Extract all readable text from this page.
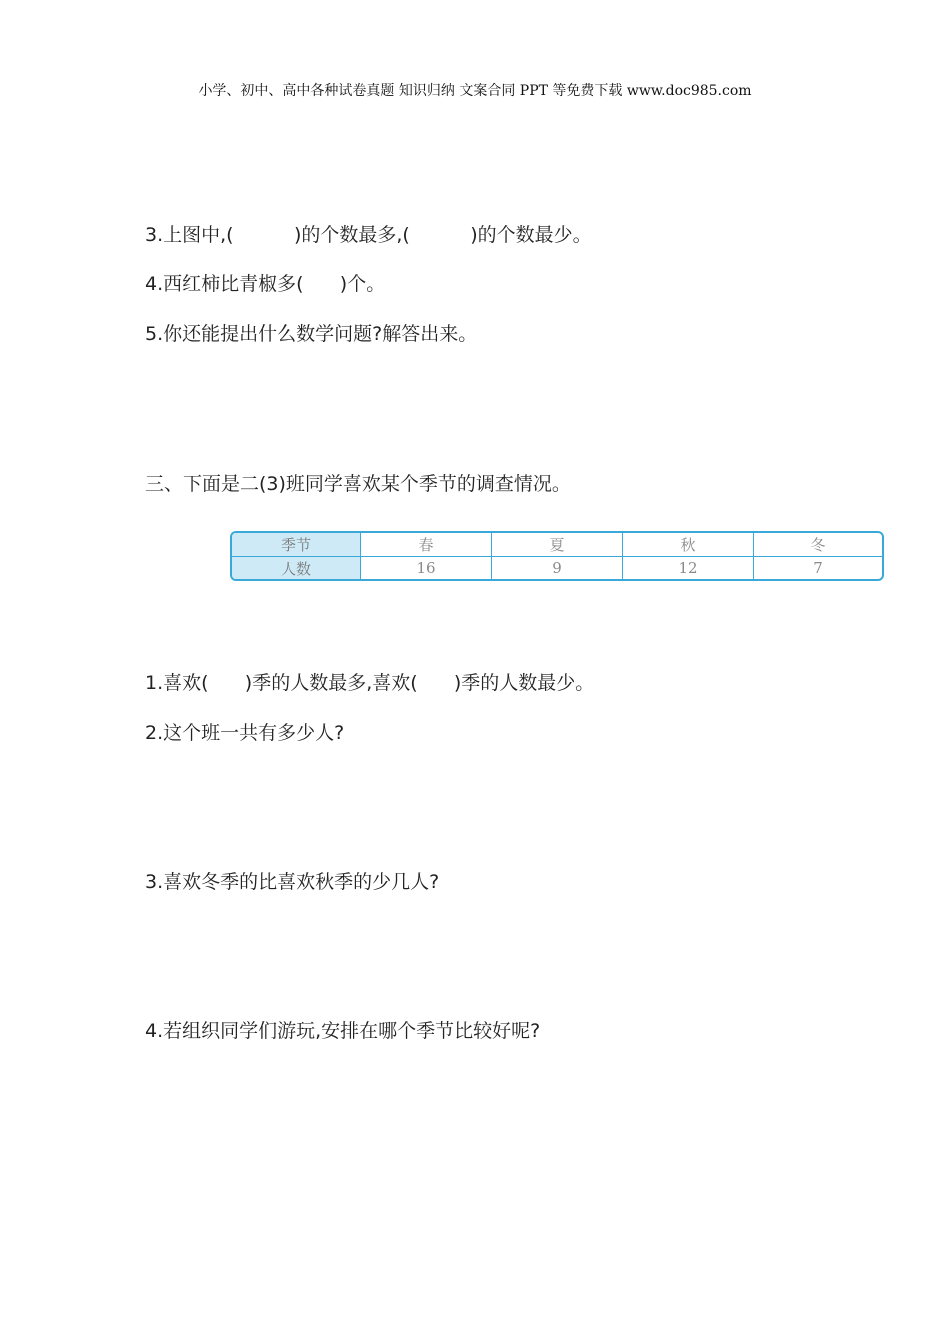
小学、初中、高中各种试卷真题 知识归纳 文案合同 PPT 等免费下载 www.doc985.com
3.上图中,(          )的个数最多,(          )的个数最少。
4.西红柿比青椒多(      )个。
5.你还能提出什么数学问题?解答出来。
三、下面是二(3)班同学喜欢某个季节的调查情况。
季节	春	夏	秋	冬
人数	16	9	12	7
1.喜欢(      )季的人数最多,喜欢(      )季的人数最少。
2.这个班一共有多少人?
3.喜欢冬季的比喜欢秋季的少几人?
4.若组织同学们游玩,安排在哪个季节比较好呢?
